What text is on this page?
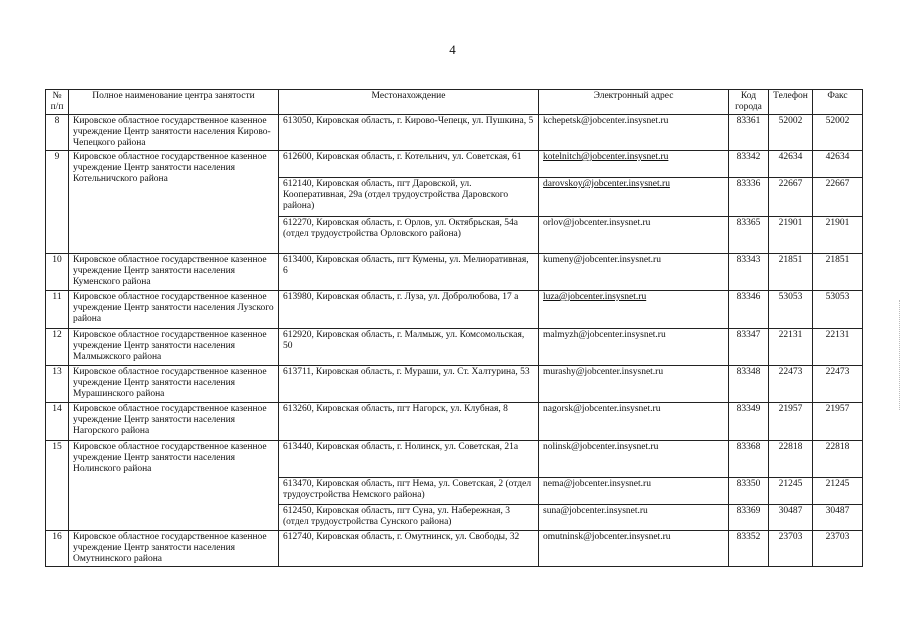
4
№ п/п	Полное наименование центра занятости	Местонахождение	Электронный адрес	Код города	Телефон	Факс
8	Кировское областное государственное казенное учреждение Центр занятости населения Кирово-Чепецкого района	613050, Кировская область, г. Кирово-Чепецк, ул. Пушкина, 5	kchepetsk@jobcenter.insysnet.ru	83361	52002	52002
9	Кировское областное государственное казенное учреждение Центр занятости населения Котельничского района	612600, Кировская область, г. Котельнич, ул. Советская, 61	kotelnitch@jobcenter.insysnet.ru	83342	42634	42634
		612140, Кировская область, пгт Даровской, ул. Кооперативная, 29а (отдел трудоустройства Даровского района)	darovskoy@jobcenter.insysnet.ru	83336	22667	22667
		612270, Кировская область, г. Орлов, ул. Октябрьская, 54а (отдел трудоустройства Орловского района)	orlov@jobcenter.insysnet.ru	83365	21901	21901
10	Кировское областное государственное казенное учреждение Центр занятости населения Куменского района	613400, Кировская область, пгт Кумены, ул. Мелиоративная, 6	kumeny@jobcenter.insysnet.ru	83343	21851	21851
11	Кировское областное государственное казенное учреждение Центр занятости населения Лузского района	613980, Кировская область, г. Луза, ул. Добролюбова, 17 а	luza@jobcenter.insysnet.ru	83346	53053	53053
12	Кировское областное государственное казенное учреждение Центр занятости населения Малмыжского района	612920, Кировская область, г. Малмыж, ул. Комсомольская, 50	malmyzh@jobcenter.insysnet.ru	83347	22131	22131
13	Кировское областное государственное казенное учреждение Центр занятости населения Мурашинского района	613711, Кировская область, г. Мураши, ул. Ст. Халтурина, 53	murashy@jobcenter.insysnet.ru	83348	22473	22473
14	Кировское областное государственное казенное учреждение Центр занятости населения Нагорского района	613260, Кировская область, пгт Нагорск, ул. Клубная, 8	nagorsk@jobcenter.insysnet.ru	83349	21957	21957
15	Кировское областное государственное казенное учреждение Центр занятости населения Нолинского района	613440, Кировская область, г. Нолинск, ул. Советская, 21а	nolinsk@jobcenter.insysnet.ru	83368	22818	22818
		613470, Кировская область, пгт Нема, ул. Советская, 2 (отдел трудоустройства Немского района)	nema@jobcenter.insysnet.ru	83350	21245	21245
		612450, Кировская область, пгт Суна, ул. Набережная, 3 (отдел трудоустройства Сунского района)	suna@jobcenter.insysnet.ru	83369	30487	30487
16	Кировское областное государственное казенное учреждение Центр занятости населения Омутнинского района	612740, Кировская область, г. Омутнинск, ул. Свободы, 32	omutninsk@jobcenter.insysnet.ru	83352	23703	23703
